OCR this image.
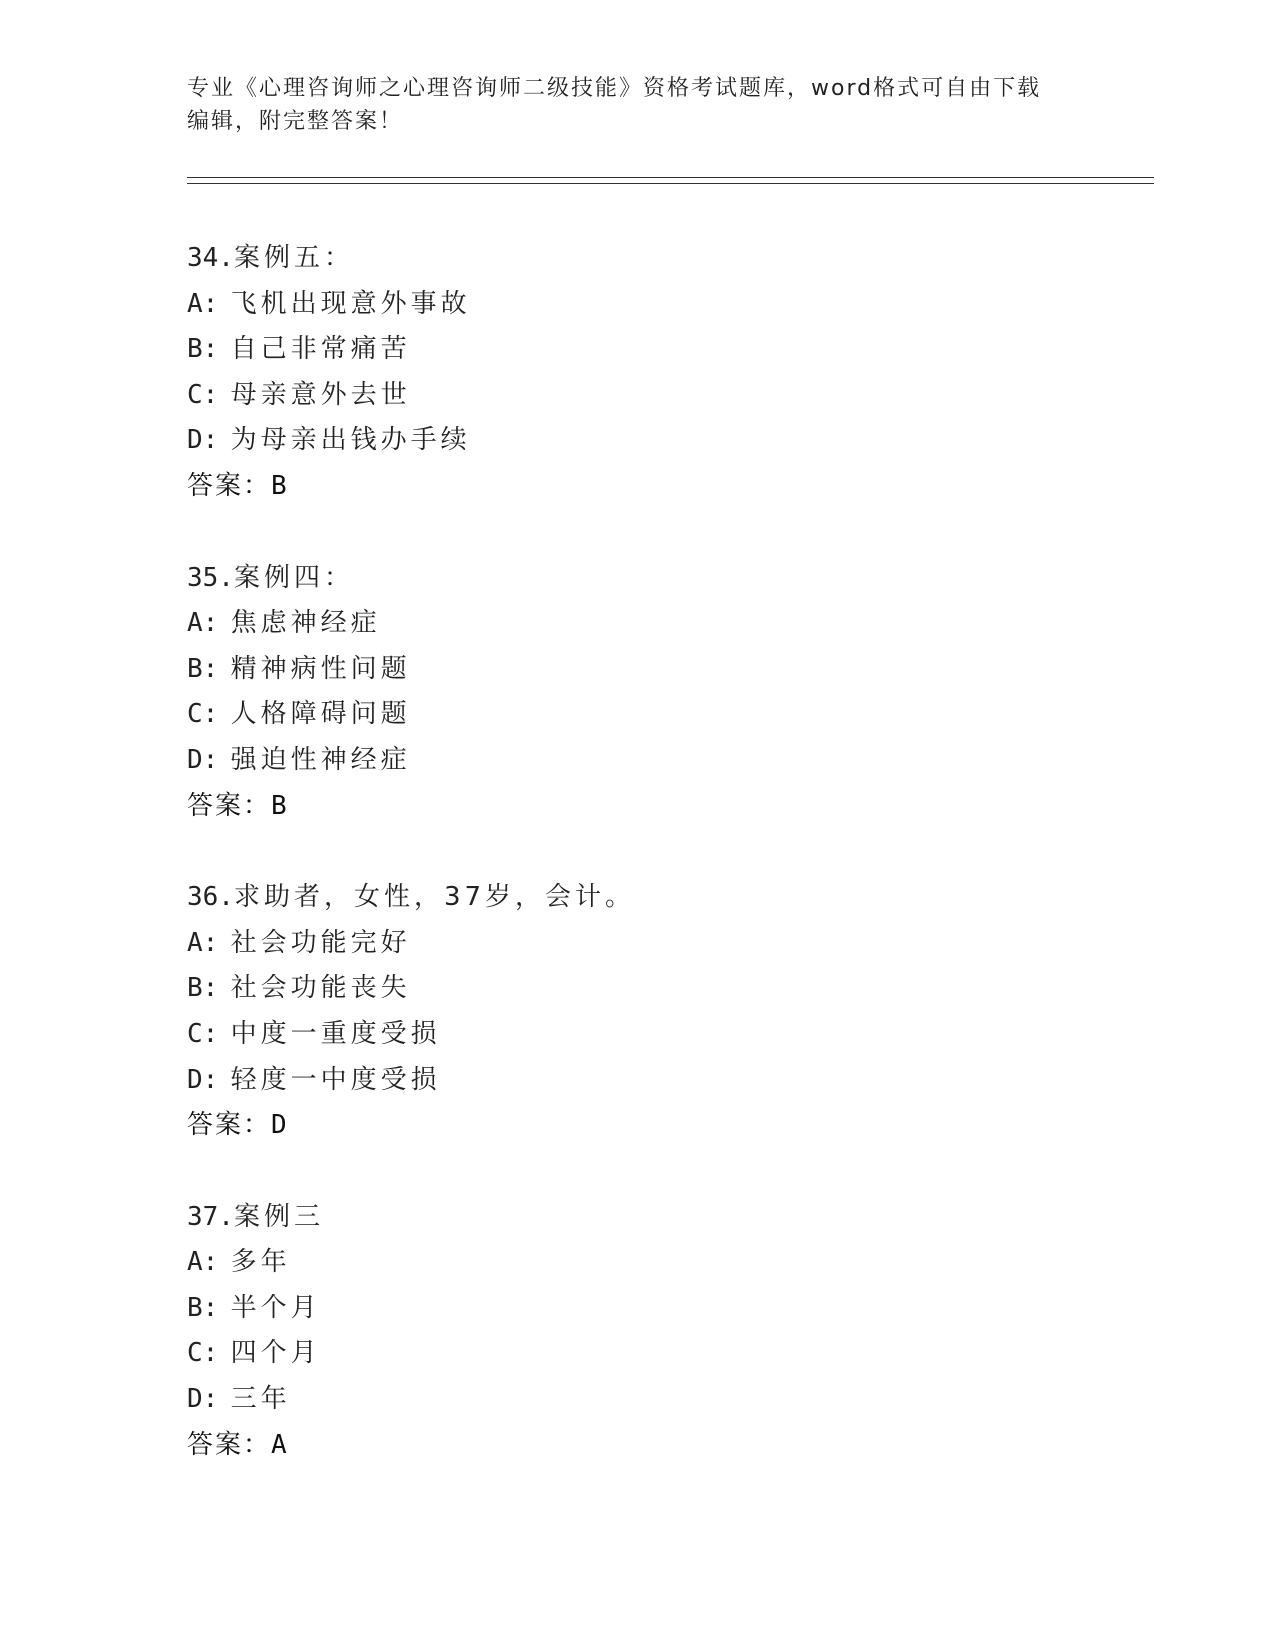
专业《心理咨询师之心理咨询师二级技能》资格考试题库，word格式可自由下载
编辑，附完整答案！
34.案例五：
A: 飞机出现意外事故
B: 自己非常痛苦
C: 母亲意外去世
D: 为母亲出钱办手续
答案：B
35.案例四：
A: 焦虑神经症
B: 精神病性问题
C: 人格障碍问题
D: 强迫性神经症
答案：B
36.求助者，女性，37岁，会计。
A: 社会功能完好
B: 社会功能丧失
C: 中度一重度受损
D: 轻度一中度受损
答案：D
37.案例三
A: 多年
B: 半个月
C: 四个月
D: 三年
答案：A
